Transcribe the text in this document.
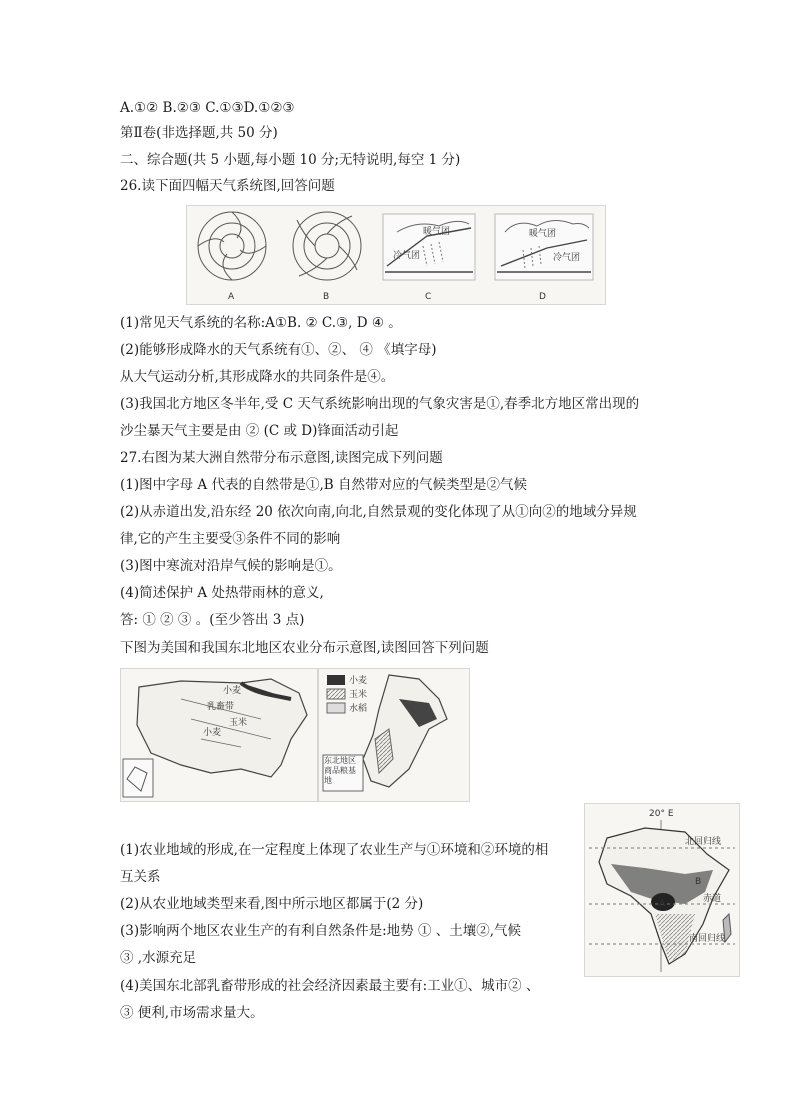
A.①② B.②③ C.①③D.①②③
第Ⅱ卷(非选择题,共 50 分)
二、综合题(共 5 小题,每小题 10 分;无特说明,每空 1 分)
26.读下面四幅天气系统图,回答问题
A	B
暖气团
冷气团
C
暖气团
冷气团
D
(1)常见天气系统的名称:A①B. ② C.③, D ④ 。
(2)能够形成降水的天气系统有①、②、 ④ 《填字母)
从大气运动分析,其形成降水的共同条件是④。
(3)我国北方地区冬半年,受 C 天气系统影响出现的气象灾害是①,春季北方地区常出现的
沙尘暴天气主要是由 ② (C 或 D)锋面活动引起
27.右图为某大洲自然带分布示意图,读图完成下列问题
(1)图中字母 A 代表的自然带是①,B 自然带对应的气候类型是②气候
(2)从赤道出发,沿东经 20 依次向南,向北,自然景观的变化体现了从①向②的地域分异规
律,它的产生主要受③条件不同的影响
(3)图中寒流对沿岸气候的影响是①。
(4)简述保护 A 处热带雨林的意义,
答: ① ② ③ 。(至少答出 3 点)
下图为美国和我国东北地区农业分布示意图,读图回答下列问题
小麦
乳畜带
玉米
小麦
小麦
玉米
水稻
东北地区商品粮基地
20° E
北回归线
B
A	赤道
南回归线
(1)农业地域的形成,在一定程度上体现了农业生产与①环境和②环境的相
互关系
(2)从农业地域类型来看,图中所示地区都属于(2 分)
(3)影响两个地区农业生产的有利自然条件是:地势 ① 、土壤②,气候
③ ,水源充足
(4)美国东北部乳畜带形成的社会经济因素最主要有:工业①、城市② 、
③ 便利,市场需求量大。
